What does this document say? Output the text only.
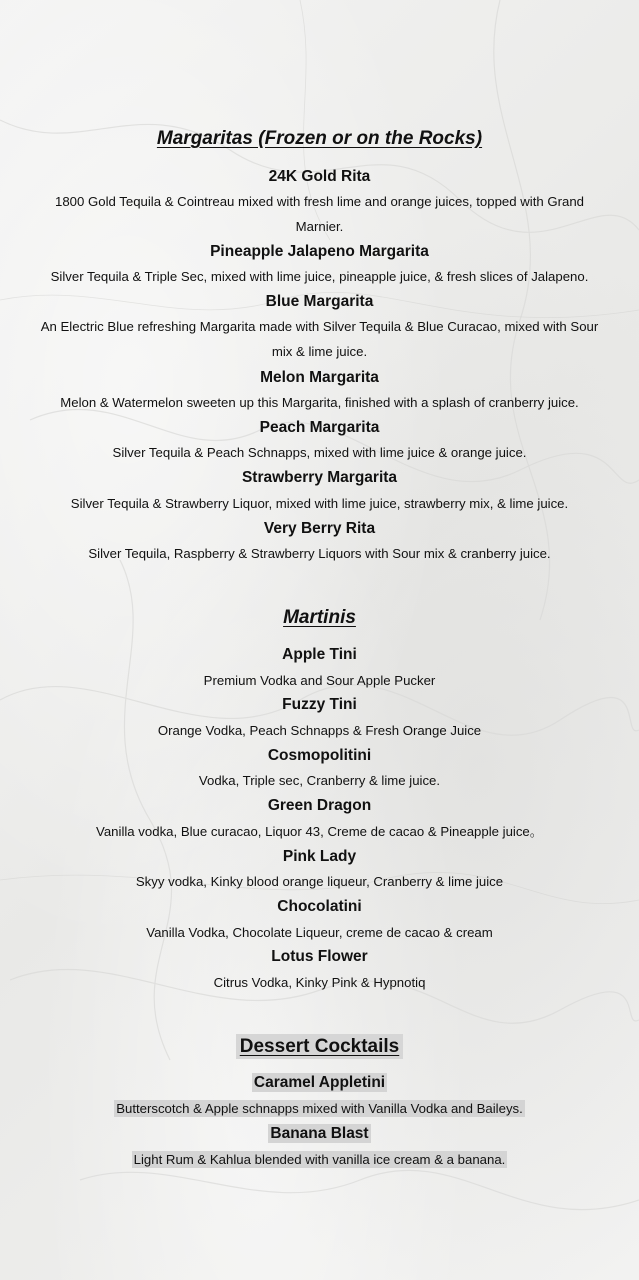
Margaritas (Frozen or on the Rocks)
24K Gold Rita
1800 Gold Tequila & Cointreau mixed with fresh lime and orange juices, topped with Grand Marnier.
Pineapple Jalapeno Margarita
Silver Tequila & Triple Sec, mixed with lime juice, pineapple juice, & fresh slices of Jalapeno.
Blue Margarita
An Electric Blue refreshing Margarita made with Silver Tequila & Blue Curacao, mixed with Sour mix & lime juice.
Melon Margarita
Melon & Watermelon sweeten up this Margarita, finished with a splash of cranberry juice.
Peach Margarita
Silver Tequila & Peach Schnapps, mixed with lime juice & orange juice.
Strawberry Margarita
Silver Tequila & Strawberry Liquor, mixed with lime juice, strawberry mix, & lime juice.
Very Berry Rita
Silver Tequila, Raspberry & Strawberry Liquors with Sour mix & cranberry juice.
Martinis
Apple Tini
Premium Vodka and Sour Apple Pucker
Fuzzy Tini
Orange Vodka, Peach Schnapps & Fresh Orange Juice
Cosmopolitini
Vodka, Triple sec, Cranberry & lime juice.
Green Dragon
Vanilla vodka, Blue curacao, Liquor 43, Creme de cacao & Pineapple juice。
Pink Lady
Skyy vodka, Kinky blood orange liqueur, Cranberry & lime juice
Chocolatini
Vanilla Vodka, Chocolate Liqueur, creme de cacao & cream
Lotus Flower
Citrus Vodka, Kinky Pink & Hypnotiq
Dessert Cocktails
Caramel Appletini
Butterscotch & Apple schnapps mixed with Vanilla Vodka and Baileys.
Banana Blast
Light Rum & Kahlua blended with vanilla ice cream & a banana.
